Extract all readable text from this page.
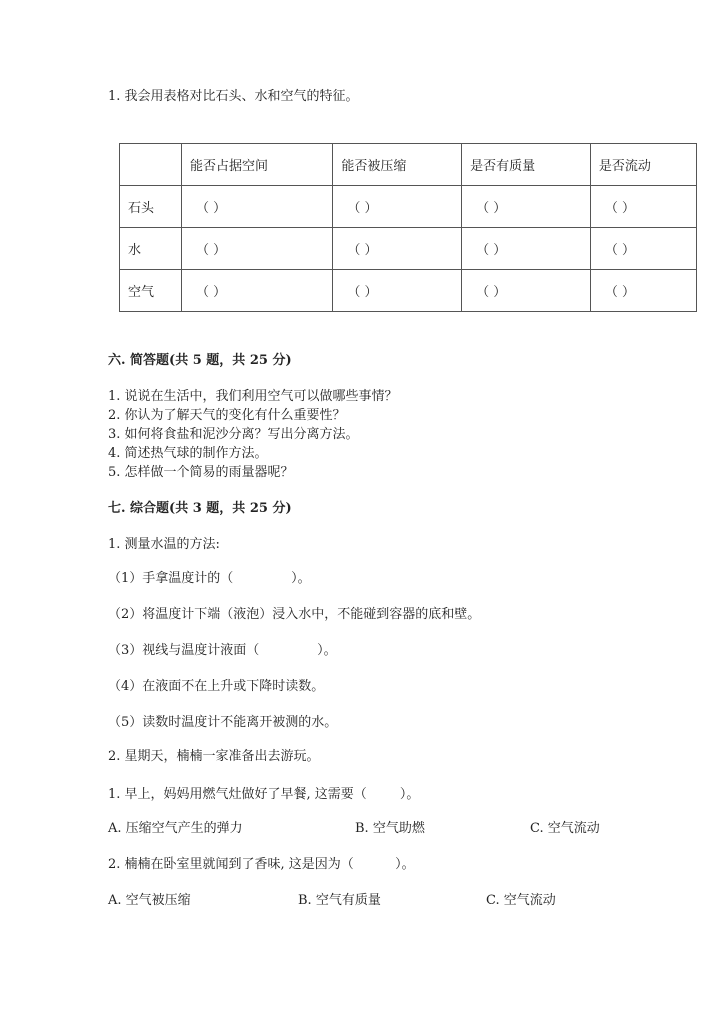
1. 我会用表格对比石头、水和空气的特征。
	能否占据空间	能否被压缩	是否有质量	是否流动
石头	（ ）	（ ）	（ ）	（ ）
水	（ ）	（ ）	（ ）	（ ）
空气	（ ）	（ ）	（ ）	（ ）
六. 简答题(共 5 题，共 25 分)
1. 说说在生活中，我们利用空气可以做哪些事情？
2. 你认为了解天气的变化有什么重要性？
3. 如何将食盐和泥沙分离？写出分离方法。
4. 简述热气球的制作方法。
5. 怎样做一个简易的雨量器呢？
七. 综合题(共 3 题，共 25 分)
1. 测量水温的方法:
（1）手拿温度计的（              ）。
（2）将温度计下端（液泡）浸入水中，不能碰到容器的底和壁。
（3）视线与温度计液面（              ）。
（4）在液面不在上升或下降时读数。
（5）读数时温度计不能离开被测的水。
2. 星期天，楠楠一家准备出去游玩。
1. 早上，妈妈用燃气灶做好了早餐, 这需要（        ）。
A. 压缩空气产生的弹力	B. 空气助燃	C. 空气流动
2. 楠楠在卧室里就闻到了香味, 这是因为（          ）。
A. 空气被压缩	B. 空气有质量	C. 空气流动
